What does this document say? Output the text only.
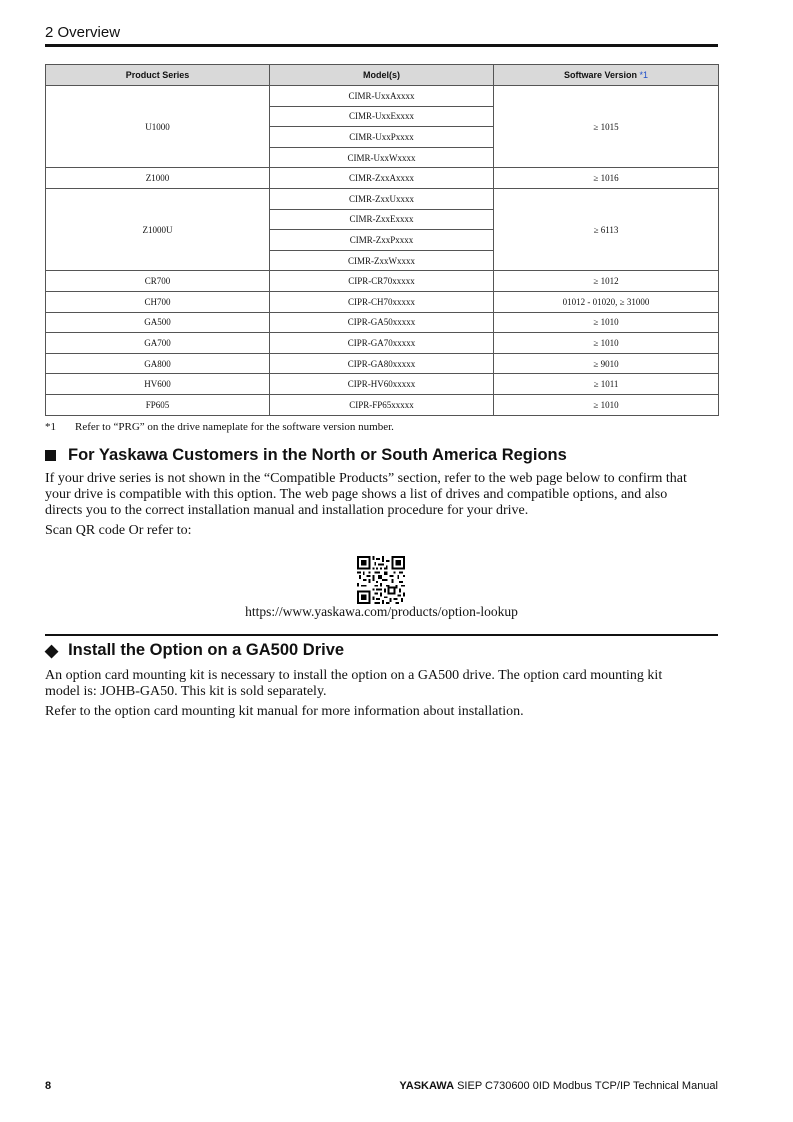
2 Overview
Product Series	Model(s)	Software Version *1
U1000	CIMR-UxxAxxxx	≥ 1015
	CIMR-UxxExxxx	
	CIMR-UxxPxxxx	
	CIMR-UxxWxxxx	
Z1000	CIMR-ZxxAxxxx	≥ 1016
Z1000U	CIMR-ZxxUxxxx	≥ 6113
	CIMR-ZxxExxxx	
	CIMR-ZxxPxxxx	
	CIMR-ZxxWxxxx	
CR700	CIPR-CR70xxxxx	≥ 1012
CH700	CIPR-CH70xxxxx	01012 - 01020, ≥ 31000
GA500	CIPR-GA50xxxxx	≥ 1010
GA700	CIPR-GA70xxxxx	≥ 1010
GA800	CIPR-GA80xxxxx	≥ 9010
HV600	CIPR-HV60xxxxx	≥ 1011
FP605	CIPR-FP65xxxxx	≥ 1010
*1 Refer to “PRG” on the drive nameplate for the software version number.
For Yaskawa Customers in the North or South America Regions

If your drive series is not shown in the “Compatible Products” section, refer to the web page below to confirm that

your drive is compatible with this option. The web page shows a list of drives and compatible options, and also

directs you to the correct installation manual and installation procedure for your drive.

Scan QR code Or refer to:

https://www.yaskawa.com/products/option-lookup
◆ Install the Option on a GA500 Drive

An option card mounting kit is necessary to install the option on a GA500 drive. The option card mounting kit

model is: JOHB-GA50. This kit is sold separately.

Refer to the option card mounting kit manual for more information about installation.

8	YASKAWA SIEP C730600 0ID Modbus TCP/IP Technical Manual
